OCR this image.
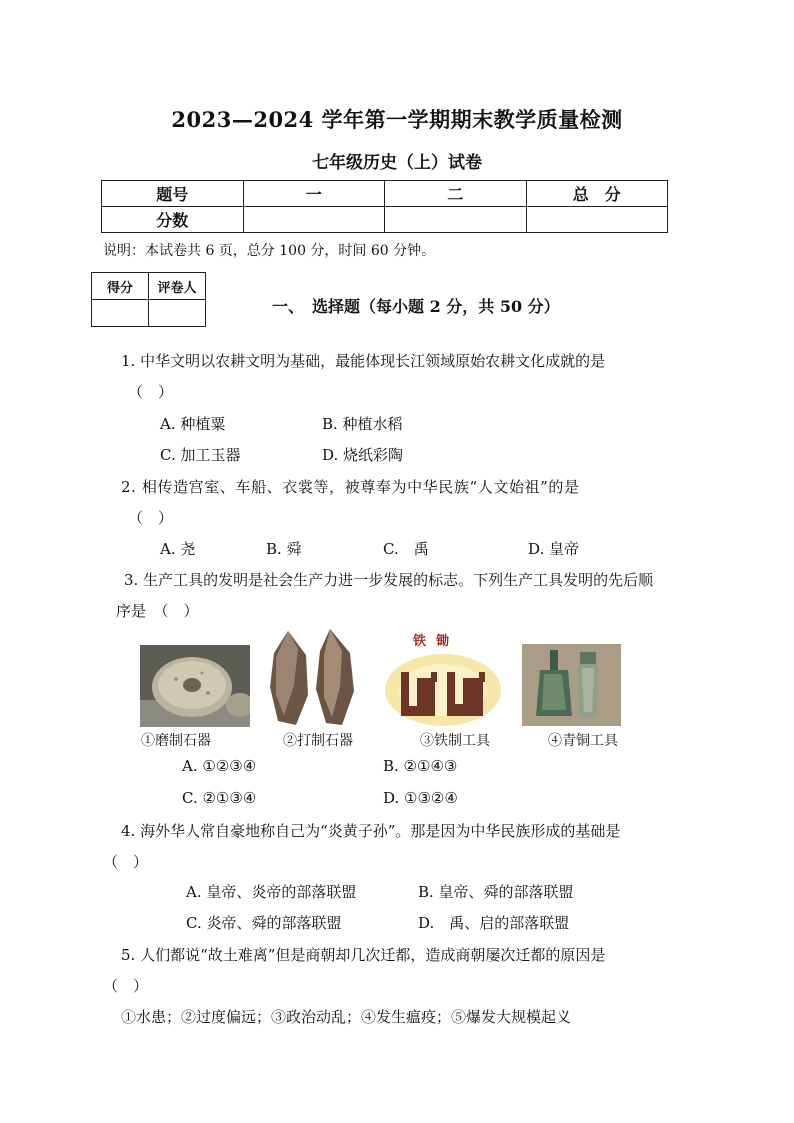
2023—2024 学年第一学期期末教学质量检测
七年级历史（上）试卷
题号	一	二	总　分
分数			
说明：本试卷共 6 页，总分 100 分，时间 60 分钟。
得分	评卷人

一、　选择题（每小题 2 分，共 50 分）
1. 中华文明以农耕文明为基础，最能体现长江领域原始农耕文化成就的是
（　）
A. 种植粟	B. 种植水稻
C. 加工玉器	D. 烧纸彩陶
2. 相传造宫室、车船、衣裳等，被尊奉为中华民族“人文始祖”的是
（　）
A. 尧	B. 舜	C.　禹	D. 皇帝
3. 生产工具的发明是社会生产力进一步发展的标志。下列生产工具发明的先后顺
序是　（　）
铁锄
①磨制石器	②打制石器	③铁制工具	④青铜工具
A. ①②③④	B. ②①④③
C. ②①③④	D. ①③②④
4. 海外华人常自豪地称自己为“炎黄子孙”。那是因为中华民族形成的基础是
（　）
A. 皇帝、炎帝的部落联盟	B. 皇帝、舜的部落联盟
C. 炎帝、舜的部落联盟	D.　禹、启的部落联盟
5. 人们都说“故土难离”但是商朝却几次迁都，造成商朝屡次迁都的原因是
（　）
①水患；②过度偏远；③政治动乱；④发生瘟疫；⑤爆发大规模起义
